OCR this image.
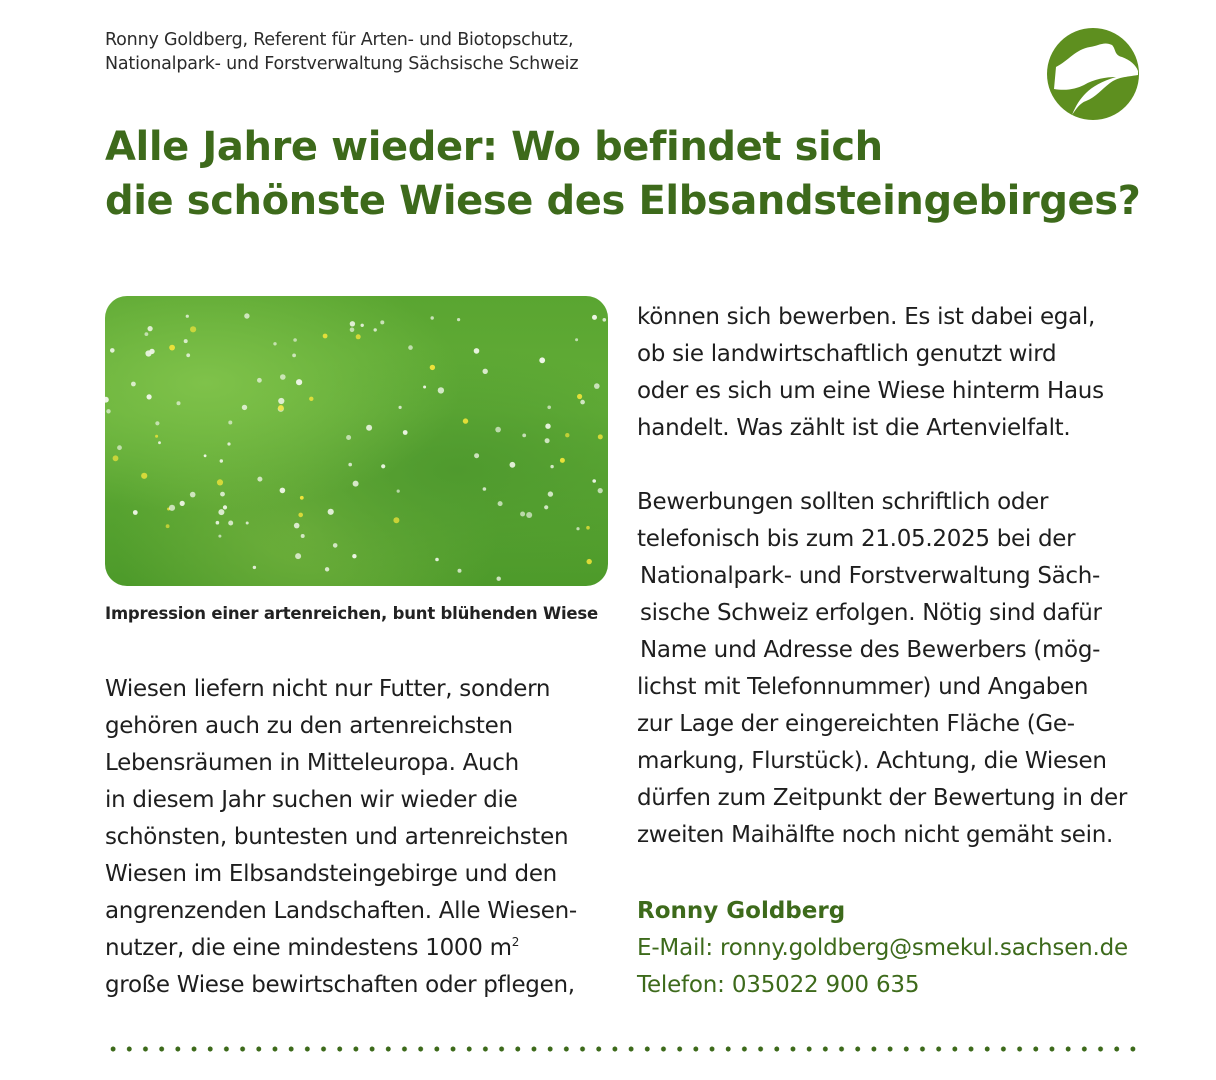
Ronny Goldberg, Referent für Arten- und Biotopschutz,
Nationalpark- und Forstverwaltung Sächsische Schweiz
Alle Jahre wieder: Wo befindet sich
die schönste Wiese des Elbsandsteingebirges?
Impression einer artenreichen, bunt blühenden Wiese
Wiesen liefern nicht nur Futter, sondern
gehören auch zu den artenreichsten
Lebensräumen in Mitteleuropa. Auch
in diesem Jahr suchen wir wieder die
schönsten, buntesten und artenreichsten
Wiesen im Elbsandsteingebirge und den
angrenzenden Landschaften. Alle Wiesen-
nutzer, die eine mindestens 1000 $m^2$
große Wiese bewirtschaften oder pflegen,
können sich bewerben. Es ist dabei egal,
ob sie landwirtschaftlich genutzt wird
oder es sich um eine Wiese hinterm Haus
handelt. Was zählt ist die Artenvielfalt.
Bewerbungen sollten schriftlich oder
telefonisch bis zum 21.05.2025 bei der
Nationalpark- und Forstverwaltung Säch-
sische Schweiz erfolgen. Nötig sind dafür
Name und Adresse des Bewerbers (mög-
lichst mit Telefonnummer) und Angaben
zur Lage der eingereichten Fläche (Ge-
markung, Flurstück). Achtung, die Wiesen
dürfen zum Zeitpunkt der Bewertung in der
zweiten Maihälfte noch nicht gemäht sein.
Ronny Goldberg
E-Mail: ronny.goldberg@smekul.sachsen.de
Telefon: 035022 900 635
